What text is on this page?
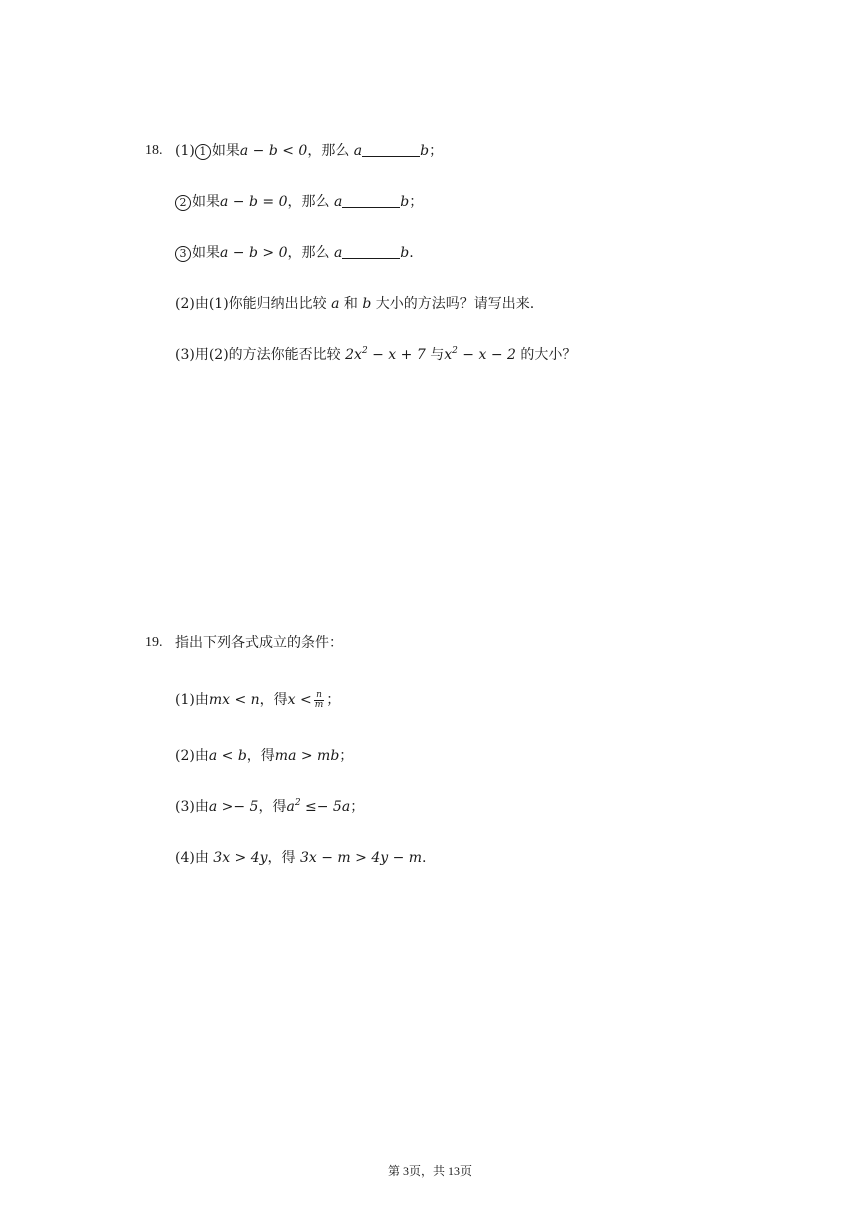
18. (1) 1 如果a − b < 0，那么 a	b；
2 如果a − b = 0，那么 a	b；
3 如果a − b > 0，那么 a	b.
(2)由(1)你能归纳出比较 a 和 b 大小的方法吗？请写出来.
(3)用(2)的方法你能否比较 $2x^2 - x + 7$ 与$x^2 - x - 2$ 的大小？
19. 指出下列各式成立的条件：
(1)由mx < n，得$x < \frac{n}{m}$ ；
(2)由a < b，得ma > mb；
(3)由a >− 5，得$a^2 \le- 5a$；
(4)由 3x > 4y，得 3x − m > 4y − m.
第 3页，共 13页
